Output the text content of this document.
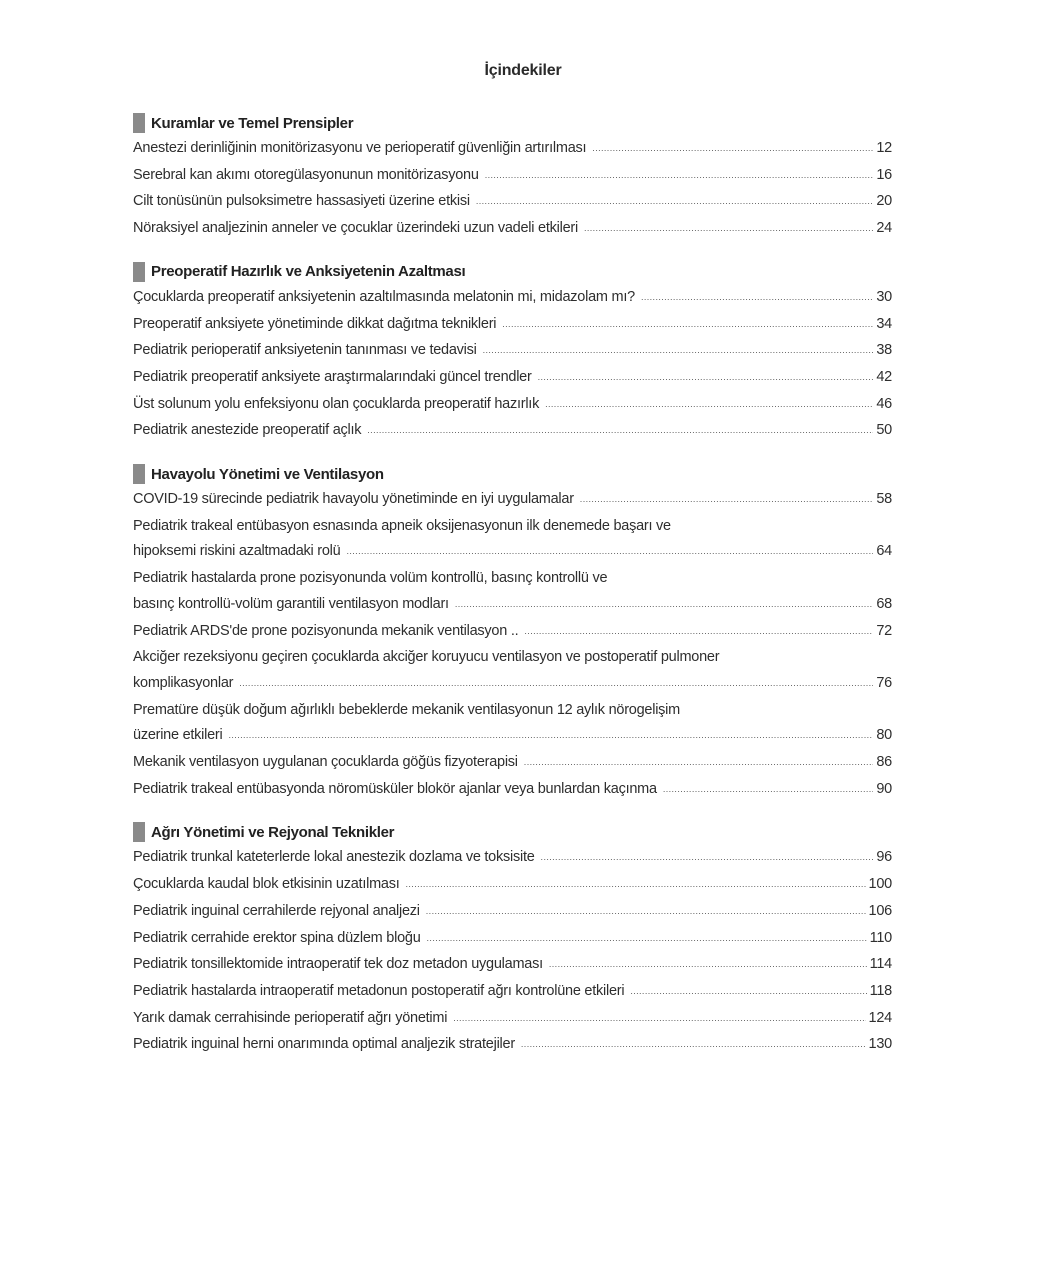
İçindekiler
Kuramlar ve Temel Prensipler
Anestezi derinliğinin monitörizasyonu ve perioperatif güvenliğin artırılması .....	12
Serebral kan akımı otoregülasyonunun monitörizasyonu .....	16
Cilt tonüsünün pulsoksimetre hassasiyeti üzerine etkisi .....	20
Nöraksiyel analjezinin anneler ve çocuklar üzerindeki uzun vadeli etkileri .....	24
Preoperatif Hazırlık ve Anksiyetenin Azaltması
Çocuklarda preoperatif anksiyetenin azaltılmasında melatonin mi, midazolam mı? .....	30
Preoperatif anksiyete yönetiminde dikkat dağıtma teknikleri .....	34
Pediatrik perioperatif anksiyetenin tanınması ve tedavisi .....	38
Pediatrik preoperatif anksiyete araştırmalarındaki güncel trendler .....	42
Üst solunum yolu enfeksiyonu olan çocuklarda preoperatif hazırlık .....	46
Pediatrik anestezide preoperatif açlık .....	50
Havayolu Yönetimi ve Ventilasyon
COVID-19 sürecinde pediatrik havayolu yönetiminde en iyi uygulamalar .....	58
Pediatrik trakeal entübasyon esnasında apneik oksijenasyonun ilk denemede başarı ve
hipoksemi riskini azaltmadaki rolü .....	64
Pediatrik hastalarda prone pozisyonunda volüm kontrollü, basınç kontrollü ve
basınç kontrollü-volüm garantili ventilasyon modları .....	68
Pediatrik ARDS'de prone pozisyonunda mekanik ventilasyon .. .....	72
Akciğer rezeksiyonu geçiren çocuklarda akciğer koruyucu ventilasyon ve postoperatif pulmoner
komplikasyonlar .....	76
Prematüre düşük doğum ağırlıklı bebeklerde mekanik ventilasyonun 12 aylık nörogelişim
üzerine etkileri .....	80
Mekanik ventilasyon uygulanan çocuklarda göğüs fizyoterapisi .....	86
Pediatrik trakeal entübasyonda nöromüsküler blokör ajanlar veya bunlardan kaçınma .....	90
Ağrı Yönetimi ve Rejyonal Teknikler
Pediatrik trunkal kateterlerde lokal anestezik dozlama ve toksisite .....	96
Çocuklarda kaudal blok etkisinin uzatılması .....	100
Pediatrik inguinal cerrahilerde rejyonal analjezi .....	106
Pediatrik cerrahide erektor spina düzlem bloğu .....	110
Pediatrik tonsillektomide intraoperatif tek doz metadon uygulaması .....	114
Pediatrik hastalarda intraoperatif metadonun postoperatif ağrı kontrolüne etkileri .....	118
Yarık damak cerrahisinde perioperatif ağrı yönetimi .....	124
Pediatrik inguinal herni onarımında optimal analjezik stratejiler .....	130
